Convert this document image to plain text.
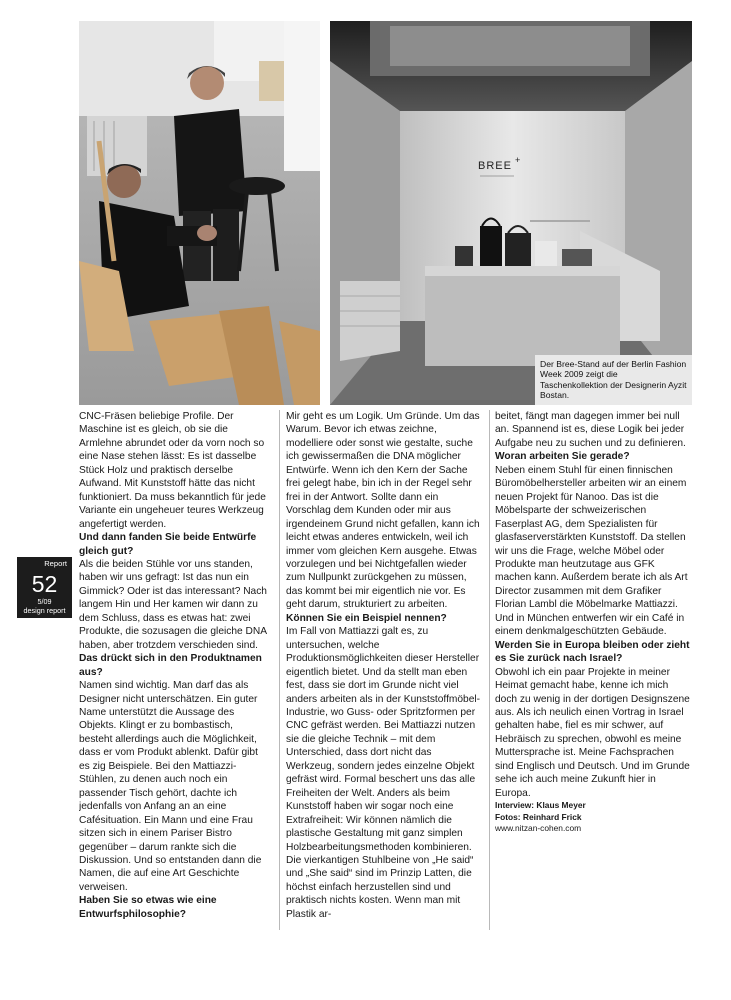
BREE +

Der Bree-Stand auf der Berlin Fashion Week 2009 zeigt die Taschenkollektion der Designerin Ayzit Bostan.

Report
52
5/09
design report

CNC-Fräsen beliebige Profile. Der Maschine ist es gleich, ob sie die Armlehne abrundet oder da vorn noch so eine Nase stehen lässt: Es ist dasselbe Stück Holz und praktisch derselbe Aufwand. Mit Kunststoff hätte das nicht funktioniert. Da muss bekanntlich für jede Variante ein ungeheuer teures Werkzeug angefertigt werden.

Und dann fanden Sie beide Entwürfe gleich gut?

Als die beiden Stühle vor uns standen, haben wir uns gefragt: Ist das nun ein Gimmick? Oder ist das interessant? Nach langem Hin und Her kamen wir dann zu dem Schluss, dass es etwas hat: zwei Produkte, die sozusagen die gleiche DNA haben, aber trotzdem verschieden sind.

Das drückt sich in den Produktnamen aus?

Namen sind wichtig. Man darf das als Designer nicht unterschätzen. Ein guter Name unterstützt die Aussage des Objekts. Klingt er zu bombastisch, besteht allerdings auch die Möglichkeit, dass er vom Produkt ablenkt. Dafür gibt es zig Beispiele. Bei den Mattiazzi-Stühlen, zu denen auch noch ein passender Tisch gehört, dachte ich jedenfalls von Anfang an an eine Cafésituation. Ein Mann und eine Frau sitzen sich in einem Pariser Bistro gegenüber – darum rankte sich die Diskussion. Und so entstanden dann die Namen, die auf eine Art Geschichte verweisen.

Haben Sie so etwas wie eine Entwurfsphilosophie?

Mir geht es um Logik. Um Gründe. Um das Warum. Bevor ich etwas zeichne, modelliere oder sonst wie gestalte, suche ich gewissermaßen die DNA möglicher Entwürfe. Wenn ich den Kern der Sache frei gelegt habe, bin ich in der Regel sehr frei in der Antwort. Sollte dann ein Vorschlag dem Kunden oder mir aus irgendeinem Grund nicht gefallen, kann ich leicht etwas anderes entwickeln, weil ich immer vom gleichen Kern ausgehe. Etwas vorzulegen und bei Nichtgefallen wieder zum Nullpunkt zurückgehen zu müssen, das kommt bei mir eigentlich nie vor. Es geht darum, strukturiert zu arbeiten.

Können Sie ein Beispiel nennen?

Im Fall von Mattiazzi galt es, zu untersuchen, welche Produktionsmöglichkeiten dieser Hersteller eigentlich bietet. Und da stellt man eben fest, dass sie dort im Grunde nicht viel anders arbeiten als in der Kunststoffmöbel-Industrie, wo Guss- oder Spritzformen per CNC gefräst werden. Bei Mattiazzi nutzen sie die gleiche Technik – mit dem Unterschied, dass dort nicht das Werkzeug, sondern jedes einzelne Objekt gefräst wird. Formal beschert uns das alle Freiheiten der Welt. Anders als beim Kunststoff haben wir sogar noch eine Extrafreiheit: Wir können nämlich die plastische Gestaltung mit ganz simplen Holzbearbeitungsmethoden kombinieren. Die vierkantigen Stuhlbeine von „He said“ und „She said“ sind im Prinzip Latten, die höchst einfach herzustellen sind und praktisch nichts kosten. Wenn man mit Plastik ar-

beitet, fängt man dagegen immer bei null an. Spannend ist es, diese Logik bei jeder Aufgabe neu zu suchen und zu definieren.

Woran arbeiten Sie gerade?

Neben einem Stuhl für einen finnischen Büromöbelhersteller arbeiten wir an einem neuen Projekt für Nanoo. Das ist die Möbelsparte der schweizerischen Faserplast AG, dem Spezialisten für glasfaserverstärkten Kunststoff. Da stellen wir uns die Frage, welche Möbel oder Produkte man heutzutage aus GFK machen kann. Außerdem berate ich als Art Director zusammen mit dem Grafiker Florian Lambl die Möbelmarke Mattiazzi. Und in München entwerfen wir ein Café in einem denkmalgeschützten Gebäude.

Werden Sie in Europa bleiben oder zieht es Sie zurück nach Israel?

Obwohl ich ein paar Projekte in meiner Heimat gemacht habe, kenne ich mich doch zu wenig in der dortigen Designszene aus. Als ich neulich einen Vortrag in Israel gehalten habe, fiel es mir schwer, auf Hebräisch zu sprechen, obwohl es meine Muttersprache ist. Meine Fachsprachen sind Englisch und Deutsch. Und im Grunde sehe ich auch meine Zukunft hier in Europa.

Interview: Klaus Meyer

Fotos: Reinhard Frick

www.nitzan-cohen.com
